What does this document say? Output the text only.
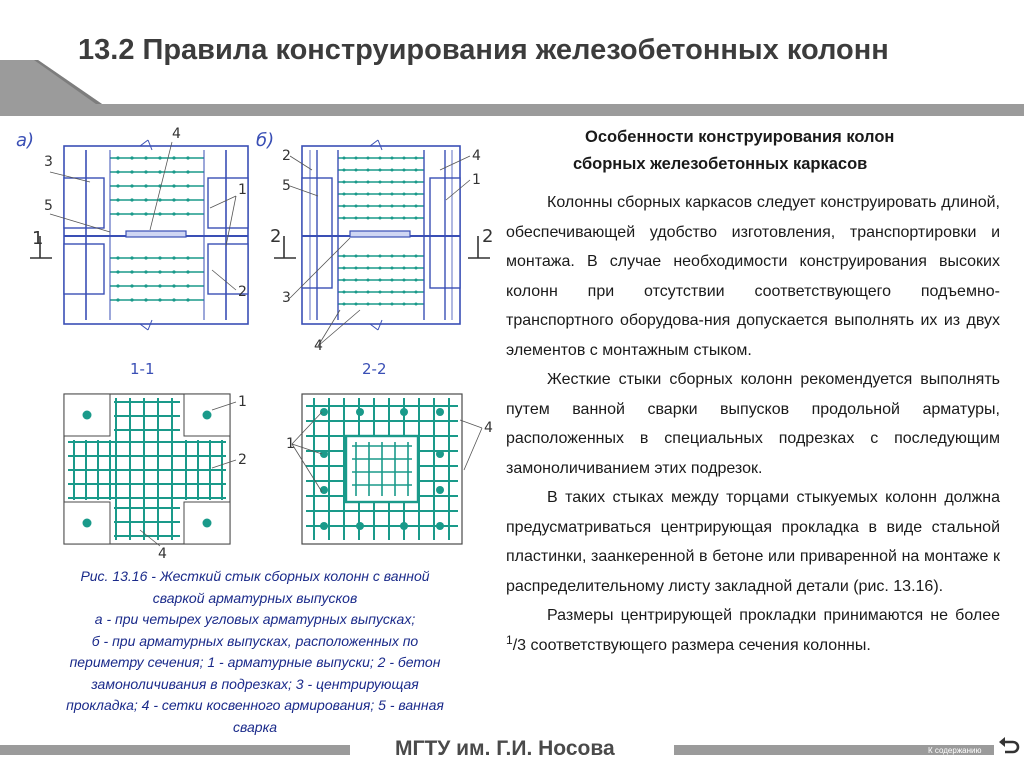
13.2 Правила конструирования железобетонных колонн
а)	б)
1-1	2-2
3
4
1
5
1
2
2	4
5	1
2	2
3
4
1
2
4
1
4
Рис. 13.16 - Жесткий стык сборных колонн с ванной
сваркой арматурных выпусков
а - при четырех угловых арматурных выпусках;
б - при арматурных выпусках, расположенных по
периметру сечения; 1 - арматурные выпуски; 2 - бетон
замоноличивания в подрезках; 3 - центрирующая
прокладка; 4 - сетки косвенного армирования; 5 - ванная
сварка
Особенности конструирования колон
сборных железобетонных каркасов

Колонны сборных каркасов следует конструировать длиной, обеспечивающей удобство изготовления, транспортировки и монтажа. В случае необходимости конструирования высоких колонн при отсутствии соответствующего подъемно-транспортного оборудова-ния допускается выполнять их из двух элементов с монтажным стыком.

Жесткие стыки сборных колонн рекомендуется выполнять путем ванной сварки выпусков продольной арматуры, расположенных в специальных подрезках с последующим замоноличиванием этих подрезок.

В таких стыках между торцами стыкуемых колонн должна предусматриваться центрирующая прокладка в виде стальной пластинки, заанкеренной в бетоне или приваренной на монтаже к распределительному листу закладной детали (рис. 13.16).

Размеры центрирующей прокладки принимаются не более $^1$/3 соответствующего размера сечения колонны.

МГТУ им. Г.И. Носова	К содержанию
